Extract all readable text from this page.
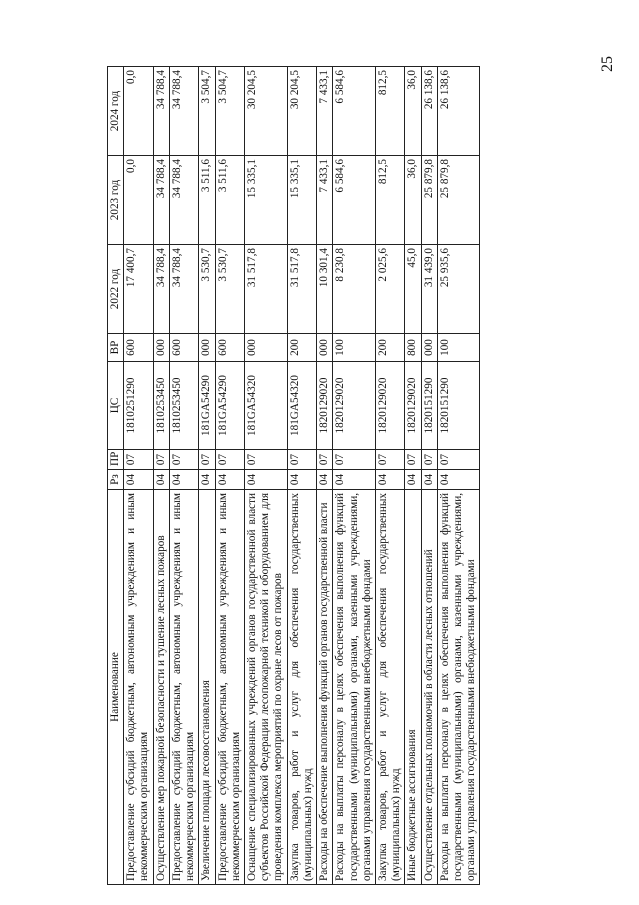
25
Наименование	Рз	ПР	ЦС	ВР	2022 год	2023 год	2024 год
Предоставление субсидий бюджетным, автономным учреждениям и иным некоммерческим организациям	04	07	1810251290	600	17 400,7	0,0	0,0
Осуществление мер пожарной безопасности и тушение лесных пожаров	04	07	1810253450	000	34 788,4	34 788,4	34 788,4
Предоставление субсидий бюджетным, автономным учреждениям и иным некоммерческим организациям	04	07	1810253450	600	34 788,4	34 788,4	34 788,4
Увеличение площади лесовосстановления	04	07	181GA54290	000	3 530,7	3 511,6	3 504,7
Предоставление субсидий бюджетным, автономным учреждениям и иным некоммерческим организациям	04	07	181GA54290	600	3 530,7	3 511,6	3 504,7
Оснащение специализированных учреждений органов государственной власти субъектов Российской Федерации лесопожарной техникой и оборудованием для проведения комплекса мероприятий по охране лесов от пожаров	04	07	181GA54320	000	31 517,8	15 335,1	30 204,5
Закупка товаров, работ и услуг для обеспечения государственных (муниципальных) нужд	04	07	181GA54320	200	31 517,8	15 335,1	30 204,5
Расходы на обеспечение выполнения функций органов государственной власти	04	07	1820129020	000	10 301,4	7 433,1	7 433,1
Расходы на выплаты персоналу в целях обеспечения выполнения функций государственными (муниципальными) органами, казенными учреждениями, органами управления государственными внебюджетными фондами	04	07	1820129020	100	8 230,8	6 584,6	6 584,6
Закупка товаров, работ и услуг для обеспечения государственных (муниципальных) нужд	04	07	1820129020	200	2 025,6	812,5	812,5
Иные бюджетные ассигнования	04	07	1820129020	800	45,0	36,0	36,0
Осуществление отдельных полномочий в области лесных отношений	04	07	1820151290	000	31 439,0	25 879,8	26 138,6
Расходы на выплаты персоналу в целях обеспечения выполнения функций государственными (муниципальными) органами, казенными учреждениями, органами управления государственными внебюджетными фондами	04	07	1820151290	100	25 935,6	25 879,8	26 138,6
